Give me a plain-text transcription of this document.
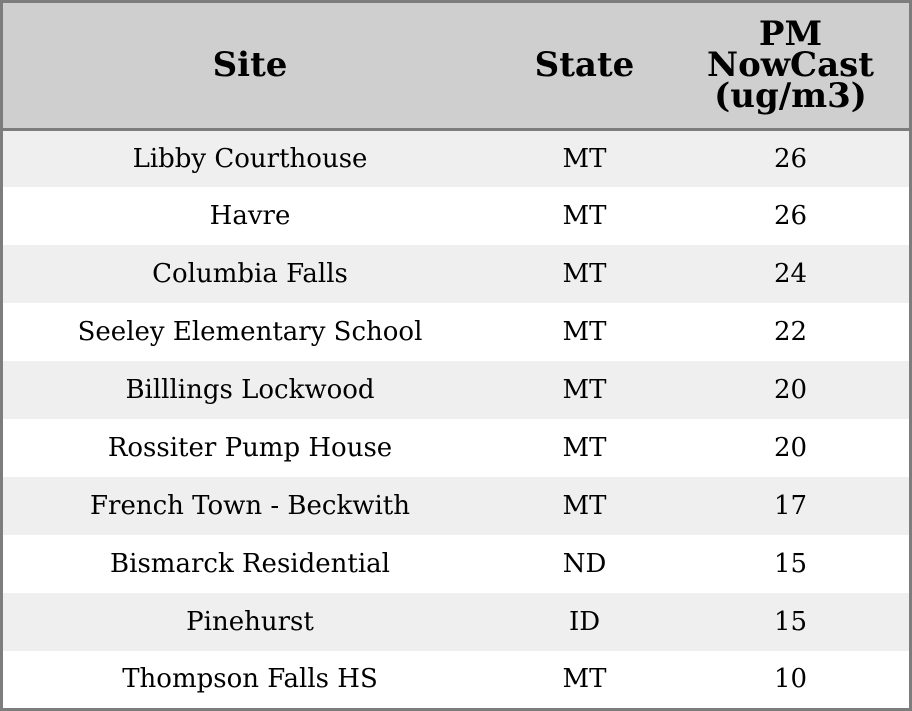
Site	State	PM
NowCast
(ug/m3)

Libby Courthouse	MT	26
Havre	MT	26
Columbia Falls	MT	24
Seeley Elementary School	MT	22
Billlings Lockwood	MT	20
Rossiter Pump House	MT	20
French Town - Beckwith	MT	17
Bismarck Residential	ND	15
Pinehurst	ID	15
Thompson Falls HS	MT	10
